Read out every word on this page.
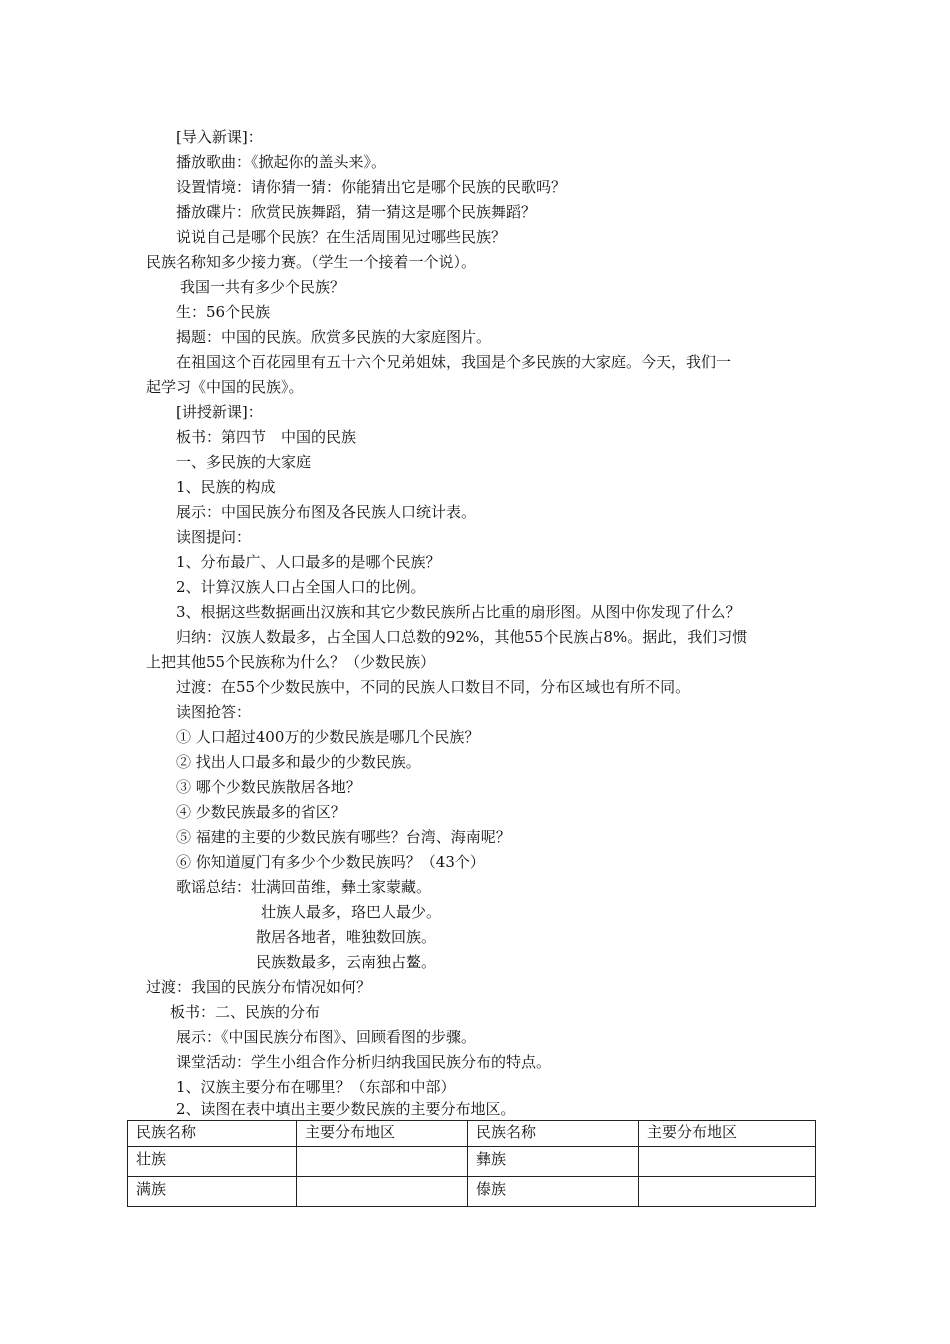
[导入新课]：
播放歌曲：《掀起你的盖头来》。
设置情境：请你猜一猜：你能猜出它是哪个民族的民歌吗？
播放碟片：欣赏民族舞蹈，猜一猜这是哪个民族舞蹈？
说说自己是哪个民族？在生活周围见过哪些民族？
民族名称知多少接力赛。（学生一个接着一个说）。
我国一共有多少个民族？
生：56个民族
揭题：中国的民族。欣赏多民族的大家庭图片。
在祖国这个百花园里有五十六个兄弟姐妹，我国是个多民族的大家庭。今天，我们一
起学习《中国的民族》。
[讲授新课]：
板书：第四节　中国的民族
一、多民族的大家庭
1、民族的构成
展示：中国民族分布图及各民族人口统计表。
读图提问：
1、分布最广、人口最多的是哪个民族？
2、计算汉族人口占全国人口的比例。
3、根据这些数据画出汉族和其它少数民族所占比重的扇形图。从图中你发现了什么？
归纳：汉族人数最多，占全国人口总数的92%，其他55个民族占8%。据此，我们习惯
上把其他55个民族称为什么？（少数民族）
过渡：在55个少数民族中，不同的民族人口数目不同，分布区域也有所不同。
读图抢答：
① 人口超过400万的少数民族是哪几个民族？
② 找出人口最多和最少的少数民族。
③ 哪个少数民族散居各地？
④ 少数民族最多的省区？
⑤ 福建的主要的少数民族有哪些？台湾、海南呢？
⑥ 你知道厦门有多少个少数民族吗？（43个）
歌谣总结：壮满回苗维，彝土家蒙藏。
壮族人最多，珞巴人最少。
散居各地者，唯独数回族。
民族数最多，云南独占鳌。
过渡：我国的民族分布情况如何？
板书：二、民族的分布
展示：《中国民族分布图》、回顾看图的步骤。
课堂活动：学生小组合作分析归纳我国民族分布的特点。
1、汉族主要分布在哪里？（东部和中部）
2、读图在表中填出主要少数民族的主要分布地区。
民族名称	主要分布地区	民族名称	主要分布地区
壮族		彝族	
满族		傣族	
